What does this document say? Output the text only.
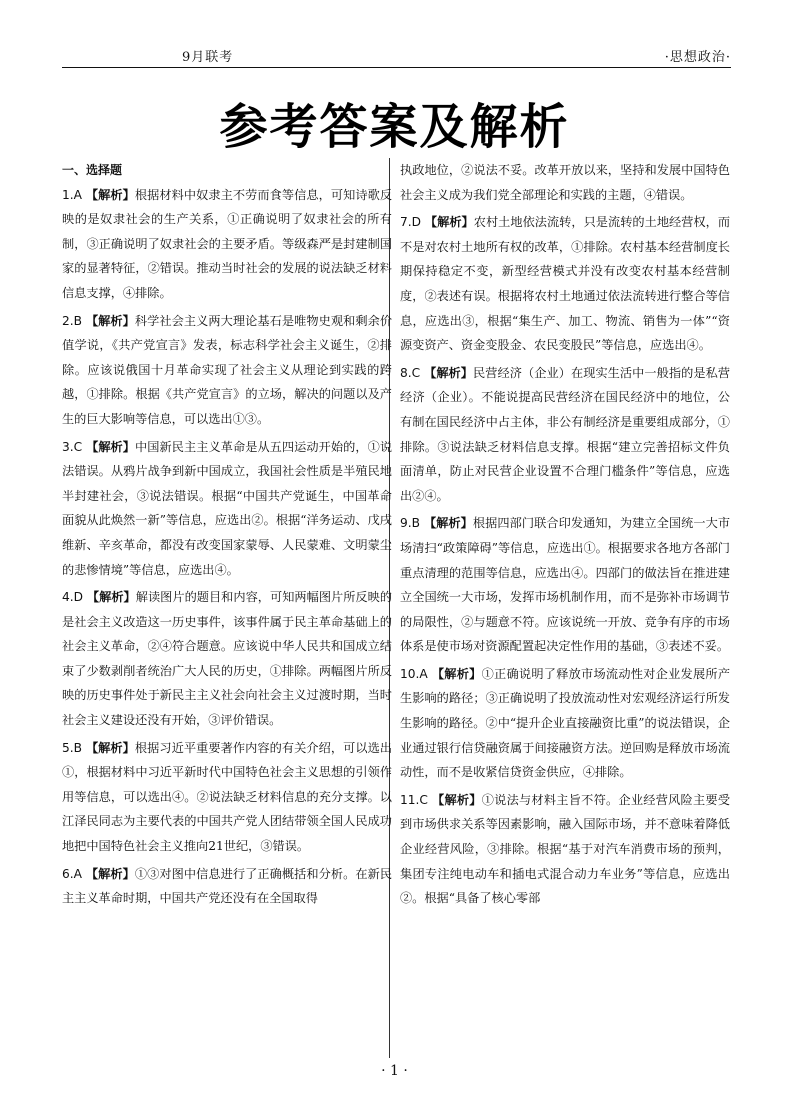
9月联考	·思想政治·
参考答案及解析
一、选择题

1.A 【解析】根据材料中奴隶主不劳而食等信息，可知诗歌反映的是奴隶社会的生产关系，①正确说明了奴隶社会的所有制，③正确说明了奴隶社会的主要矛盾。等级森严是封建制国家的显著特征，②错误。推动当时社会的发展的说法缺乏材料信息支撑，④排除。

2.B 【解析】科学社会主义两大理论基石是唯物史观和剩余价值学说，《共产党宣言》发表，标志科学社会主义诞生，②排除。应该说俄国十月革命实现了社会主义从理论到实践的跨越，①排除。根据《共产党宣言》的立场，解决的问题以及产生的巨大影响等信息，可以选出①③。

3.C 【解析】中国新民主主义革命是从五四运动开始的，①说法错误。从鸦片战争到新中国成立，我国社会性质是半殖民地半封建社会，③说法错误。根据“中国共产党诞生，中国革命面貌从此焕然一新”等信息，应选出②。根据“洋务运动、戊戌维新、辛亥革命，都没有改变国家蒙辱、人民蒙难、文明蒙尘的悲惨情境”等信息，应选出④。

4.D 【解析】解读图片的题目和内容，可知两幅图片所反映的是社会主义改造这一历史事件，该事件属于民主革命基础上的社会主义革命，②④符合题意。应该说中华人民共和国成立结束了少数剥削者统治广大人民的历史，①排除。两幅图片所反映的历史事件处于新民主主义社会向社会主义过渡时期，当时社会主义建设还没有开始，③评价错误。

5.B 【解析】根据习近平重要著作内容的有关介绍，可以选出①，根据材料中习近平新时代中国特色社会主义思想的引领作用等信息，可以选出④。②说法缺乏材料信息的充分支撑。以江泽民同志为主要代表的中国共产党人团结带领全国人民成功地把中国特色社会主义推向21世纪，③错误。

6.A 【解析】①③对图中信息进行了正确概括和分析。在新民主主义革命时期，中国共产党还没有在全国取得

执政地位，②说法不妥。改革开放以来，坚持和发展中国特色社会主义成为我们党全部理论和实践的主题，④错误。

7.D 【解析】农村土地依法流转，只是流转的土地经营权，而不是对农村土地所有权的改革，①排除。农村基本经营制度长期保持稳定不变，新型经营模式并没有改变农村基本经营制度，②表述有误。根据将农村土地通过依法流转进行整合等信息，应选出③，根据“集生产、加工、物流、销售为一体”“资源变资产、资金变股金、农民变股民”等信息，应选出④。

8.C 【解析】民营经济（企业）在现实生活中一般指的是私营经济（企业）。不能说提高民营经济在国民经济中的地位，公有制在国民经济中占主体，非公有制经济是重要组成部分，①排除。③说法缺乏材料信息支撑。根据“建立完善招标文件负面清单，防止对民营企业设置不合理门槛条件”等信息，应选出②④。

9.B 【解析】根据四部门联合印发通知，为建立全国统一大市场清扫“政策障碍”等信息，应选出①。根据要求各地方各部门重点清理的范围等信息，应选出④。四部门的做法旨在推进建立全国统一大市场，发挥市场机制作用，而不是弥补市场调节的局限性，②与题意不符。应该说统一开放、竞争有序的市场体系是使市场对资源配置起决定性作用的基础，③表述不妥。

10.A 【解析】①正确说明了释放市场流动性对企业发展所产生影响的路径；③正确说明了投放流动性对宏观经济运行所发生影响的路径。②中“提升企业直接融资比重”的说法错误，企业通过银行信贷融资属于间接融资方法。逆回购是释放市场流动性，而不是收紧信贷资金供应，④排除。

11.C 【解析】①说法与材料主旨不符。企业经营风险主要受到市场供求关系等因素影响，融入国际市场，并不意味着降低企业经营风险，③排除。根据“基于对汽车消费市场的预判，集团专注纯电动车和插电式混合动力车业务”等信息，应选出②。根据“具备了核心零部

· 1 ·
